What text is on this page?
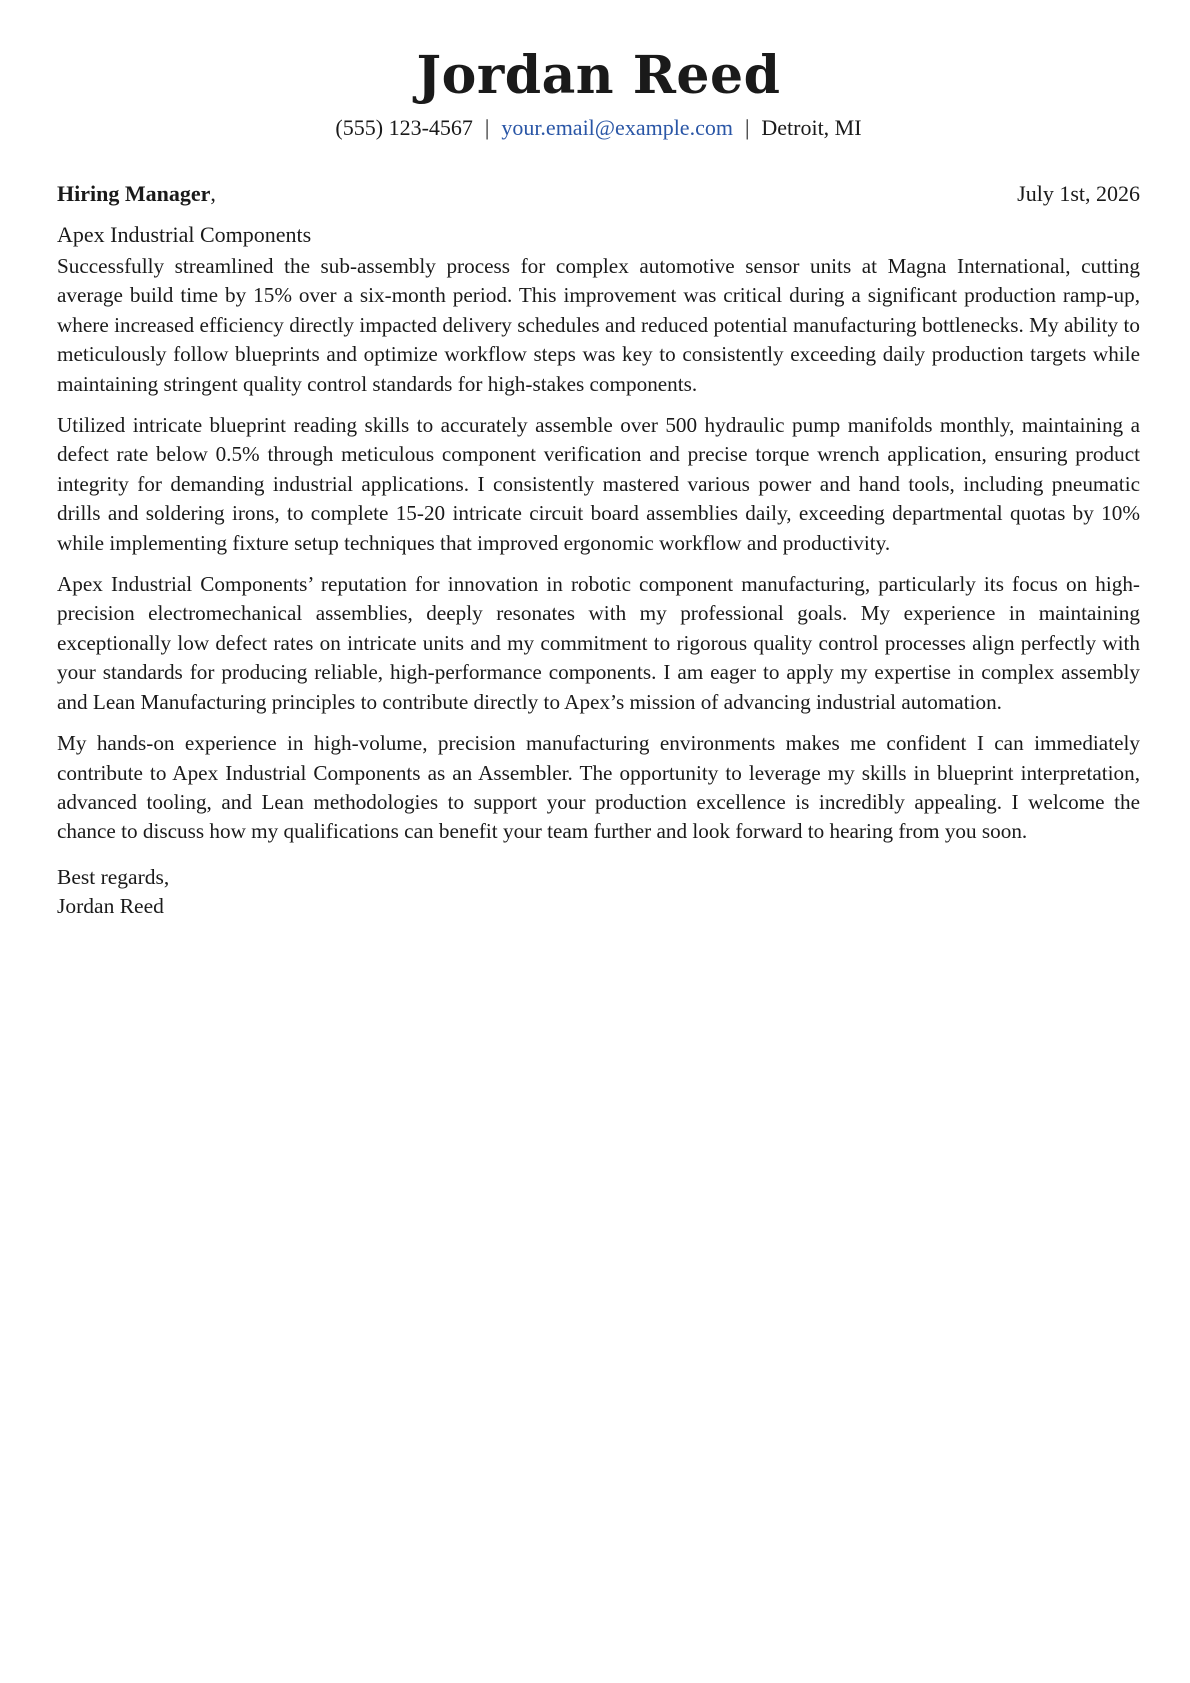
Jordan Reed
(555) 123-4567 | your.email@example.com | Detroit, MI
Hiring Manager,	July 1st, 2026
Apex Industrial Components

Successfully streamlined the sub-assembly process for complex automotive sensor units at Magna International, cutting average build time by 15% over a six-month period. This improvement was critical during a significant production ramp-up, where increased efficiency directly impacted delivery schedules and reduced potential manufacturing bottlenecks. My ability to meticulously follow blueprints and optimize workflow steps was key to consistently exceeding daily production targets while maintaining stringent quality control standards for high-stakes components.

Utilized intricate blueprint reading skills to accurately assemble over 500 hydraulic pump manifolds monthly, maintaining a defect rate below 0.5% through meticulous component verification and precise torque wrench application, ensuring product integrity for demanding industrial applications. I consistently mastered various power and hand tools, including pneumatic drills and soldering irons, to complete 15-20 intricate circuit board assemblies daily, exceeding departmental quotas by 10% while implementing fixture setup techniques that improved ergonomic workflow and productivity.

Apex Industrial Components’ reputation for innovation in robotic component manufacturing, particularly its focus on high-precision electromechanical assemblies, deeply resonates with my professional goals. My experience in maintaining exceptionally low defect rates on intricate units and my commitment to rigorous quality control processes align perfectly with your standards for producing reliable, high-performance components. I am eager to apply my expertise in complex assembly and Lean Manufacturing principles to contribute directly to Apex’s mission of advancing industrial automation.

My hands-on experience in high-volume, precision manufacturing environments makes me confident I can immediately contribute to Apex Industrial Components as an Assembler. The opportunity to leverage my skills in blueprint interpretation, advanced tooling, and Lean methodologies to support your production excellence is incredibly appealing. I welcome the chance to discuss how my qualifications can benefit your team further and look forward to hearing from you soon.

Best regards,
Jordan Reed
